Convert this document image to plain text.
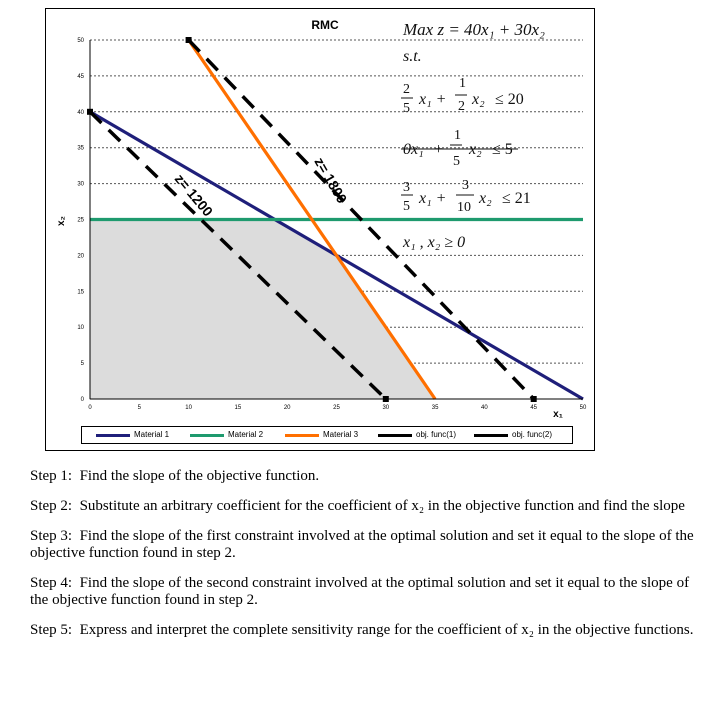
RMC
x₂
x₁
0	5	10	15	20	25	30	35	40	45	50
0
5
10
15
20
25
30
35
40
45
50
z= 1200	z= 1800
Max z = 40x₁ + 30x₂
s.t.
2
5
x₁ +
1
2 x₂ ≤ 20
0x₁ +
1
5
x₂ ≤ 5
3
5 x₁ +
3
10
x₂ ≤ 21
x₁ , x₂ ≥ 0
Material 1	Material 2	Material 3	obj. func(1)	obj. func(2)
Step 1: Find the slope of the objective function.
Step 2: Substitute an arbitrary coefficient for the coefficient of x₂ in the objective function and find the slope
Step 3: Find the slope of the first constraint involved at the optimal solution and set it equal to the slope of the objective function found in step 2.
Step 4: Find the slope of the second constraint involved at the optimal solution and set it equal to the slope of the objective function found in step 2.
Step 5: Express and interpret the complete sensitivity range for the coefficient of x₂ in the objective functions.
